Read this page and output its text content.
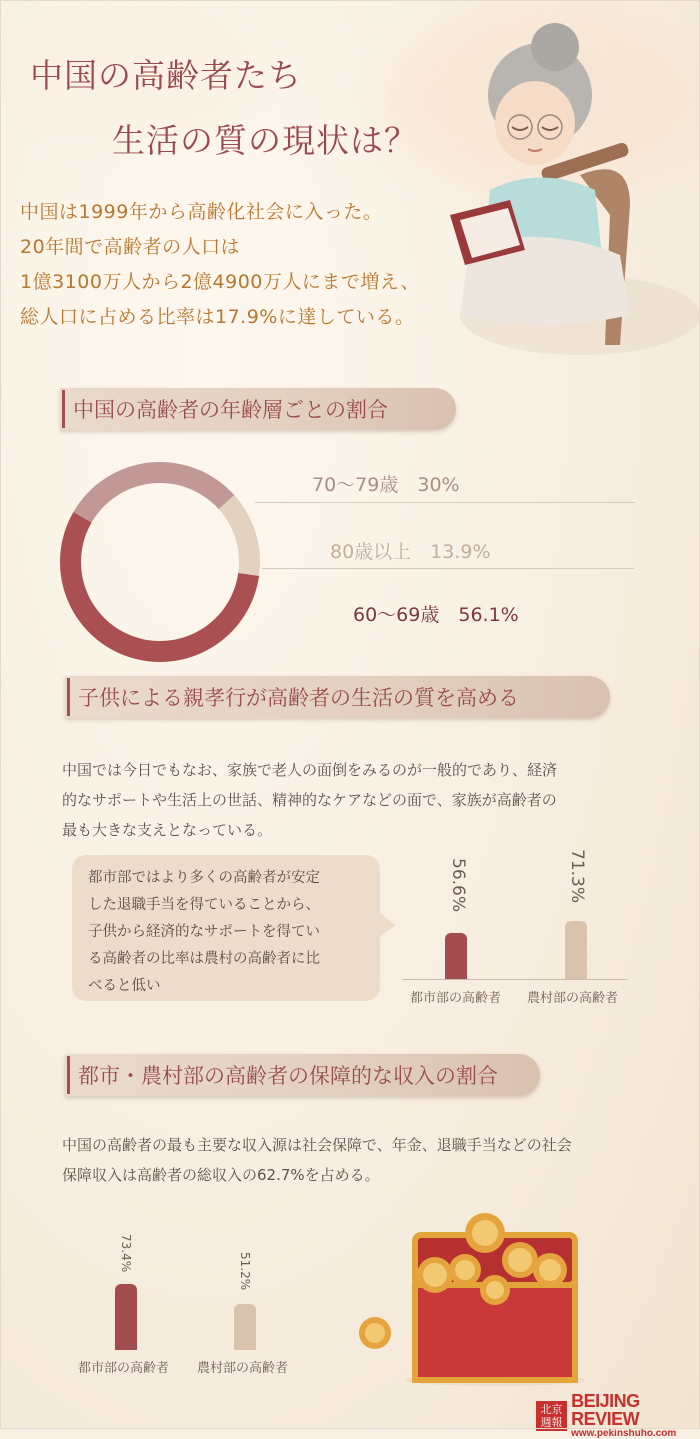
中国の高齢者たち
生活の質の現状は？
中国は1999年から高齢化社会に入った。
20年間で高齢者の人口は
1億3100万人から2億4900万人にまで増え、
総人口に占める比率は17.9%に達している。
中国の高齢者の年齢層ごとの割合
70～79歳　30%
80歳以上　13.9%
60～69歳　56.1%
子供による親孝行が高齢者の生活の質を高める
中国では今日でもなお、家族で老人の面倒をみるのが一般的であり、経済
的なサポートや生活上の世話、精神的なケアなどの面で、家族が高齢者の
最も大きな支えとなっている。
都市部ではより多くの高齢者が安定
した退職手当を得ていることから、
子供から経済的なサポートを得てい
る高齢者の比率は農村の高齢者に比
べると低い
56.6%	71.3%
都市部の高齢者 農村部の高齢者
都市・農村部の高齢者の保障的な収入の割合
中国の高齢者の最も主要な収入源は社会保障で、年金、退職手当などの社会
保障収入は高齢者の総収入の62.7%を占める。
73.4%	51.2%
都市部の高齢者 農村部の高齢者
北京
週報
BEIJING REVIEW
www.pekinshuho.com
